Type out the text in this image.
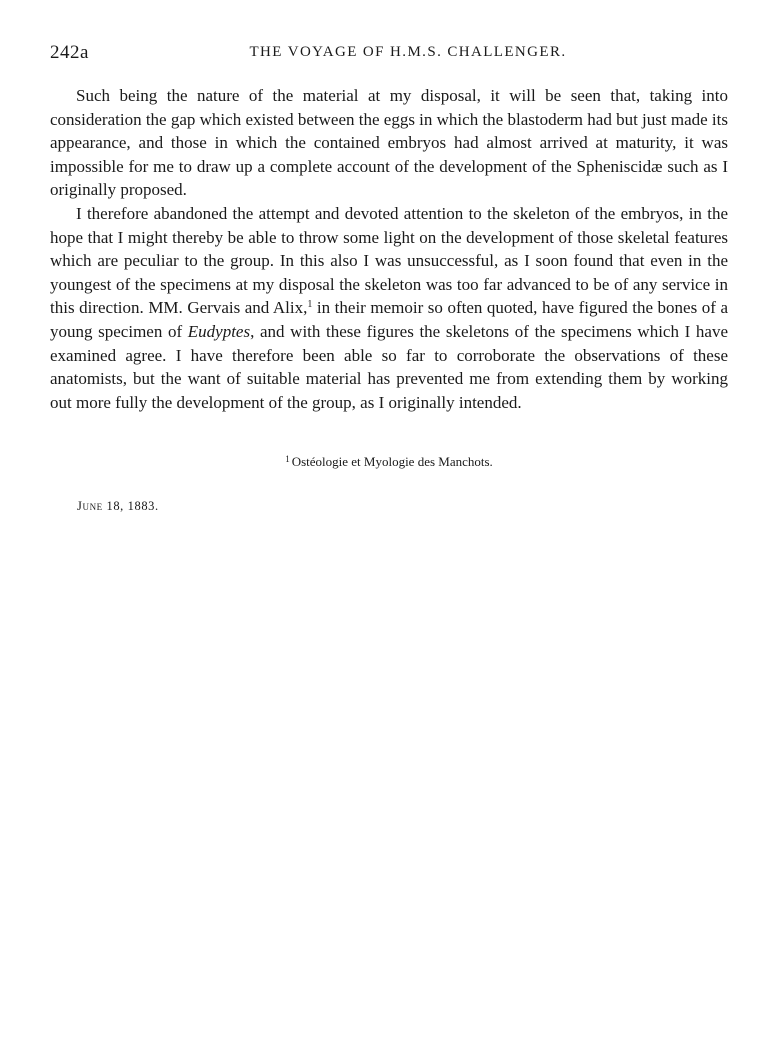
242a	THE VOYAGE OF H.M.S. CHALLENGER.

Such being the nature of the material at my disposal, it will be seen that, taking into consideration the gap which existed between the eggs in which the blastoderm had but just made its appearance, and those in which the contained embryos had almost arrived at maturity, it was impossible for me to draw up a complete account of the development of the Spheniscidæ such as I originally proposed.

I therefore abandoned the attempt and devoted attention to the skeleton of the embryos, in the hope that I might thereby be able to throw some light on the development of those skeletal features which are peculiar to the group. In this also I was unsuccessful, as I soon found that even in the youngest of the specimens at my disposal the skeleton was too far advanced to be of any service in this direction. MM. Gervais and Alix,$^1$ in their memoir so often quoted, have figured the bones of a young specimen of Eudyptes, and with these figures the skeletons of the specimens which I have examined agree. I have therefore been able so far to corroborate the observations of these anatomists, but the want of suitable material has prevented me from extending them by working out more fully the development of the group, as I originally intended.

$^1$ Ostéologie et Myologie des Manchots.
June 18, 1883.
